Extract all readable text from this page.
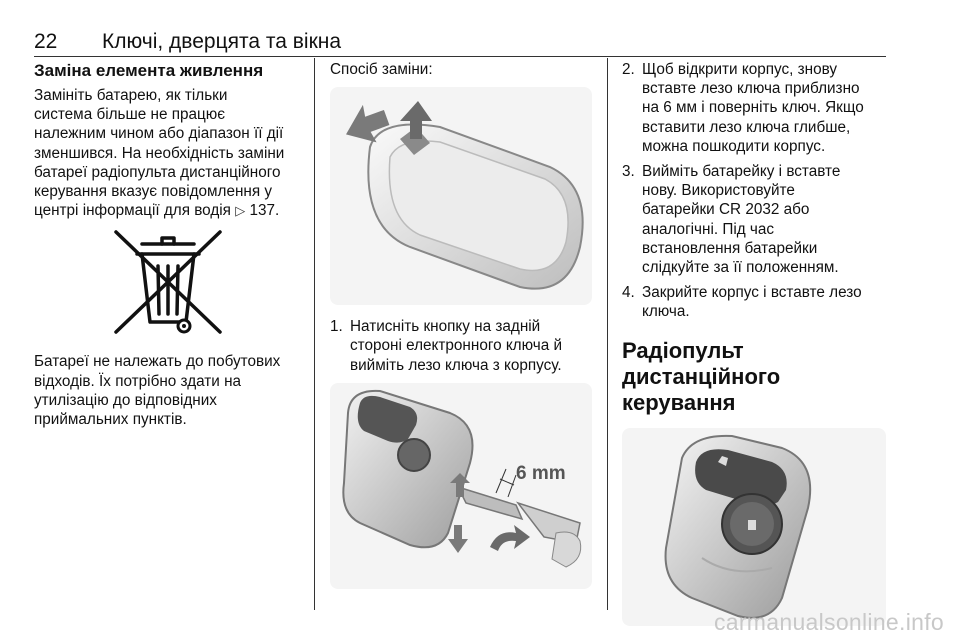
22 Ключі, дверцята та вікна
Заміна елемента живлення

Замініть батарею, як тільки
система більше не працює
належним чином або діапазон її дії
зменшився. На необхідність заміни
батареї радіопульта дистанційного
керування вказує повідомлення у
центрі інформації для водія ▷ 137.

Батареї не належать до побутових
відходів. Їх потрібно здати на
утилізацію до відповідних
приймальних пунктів.

Спосіб заміни:

1. Натисніть кнопку на задній
стороні електронного ключа й
вийміть лезо ключа з корпусу.
6 mm
2. Щоб відкрити корпус, знову
вставте лезо ключа приблизно
на 6 мм і поверніть ключ. Якщо
вставити лезо ключа глибше,
можна пошкодити корпус.
3. Вийміть батарейку і вставте
нову. Використовуйте
батарейки CR 2032 або
аналогічні. Під час
встановлення батарейки
слідкуйте за її положенням.
4. Закрийте корпус і вставте лезо
ключа.
Радіопульт дистанційного
керування
carmanualsonline.info
